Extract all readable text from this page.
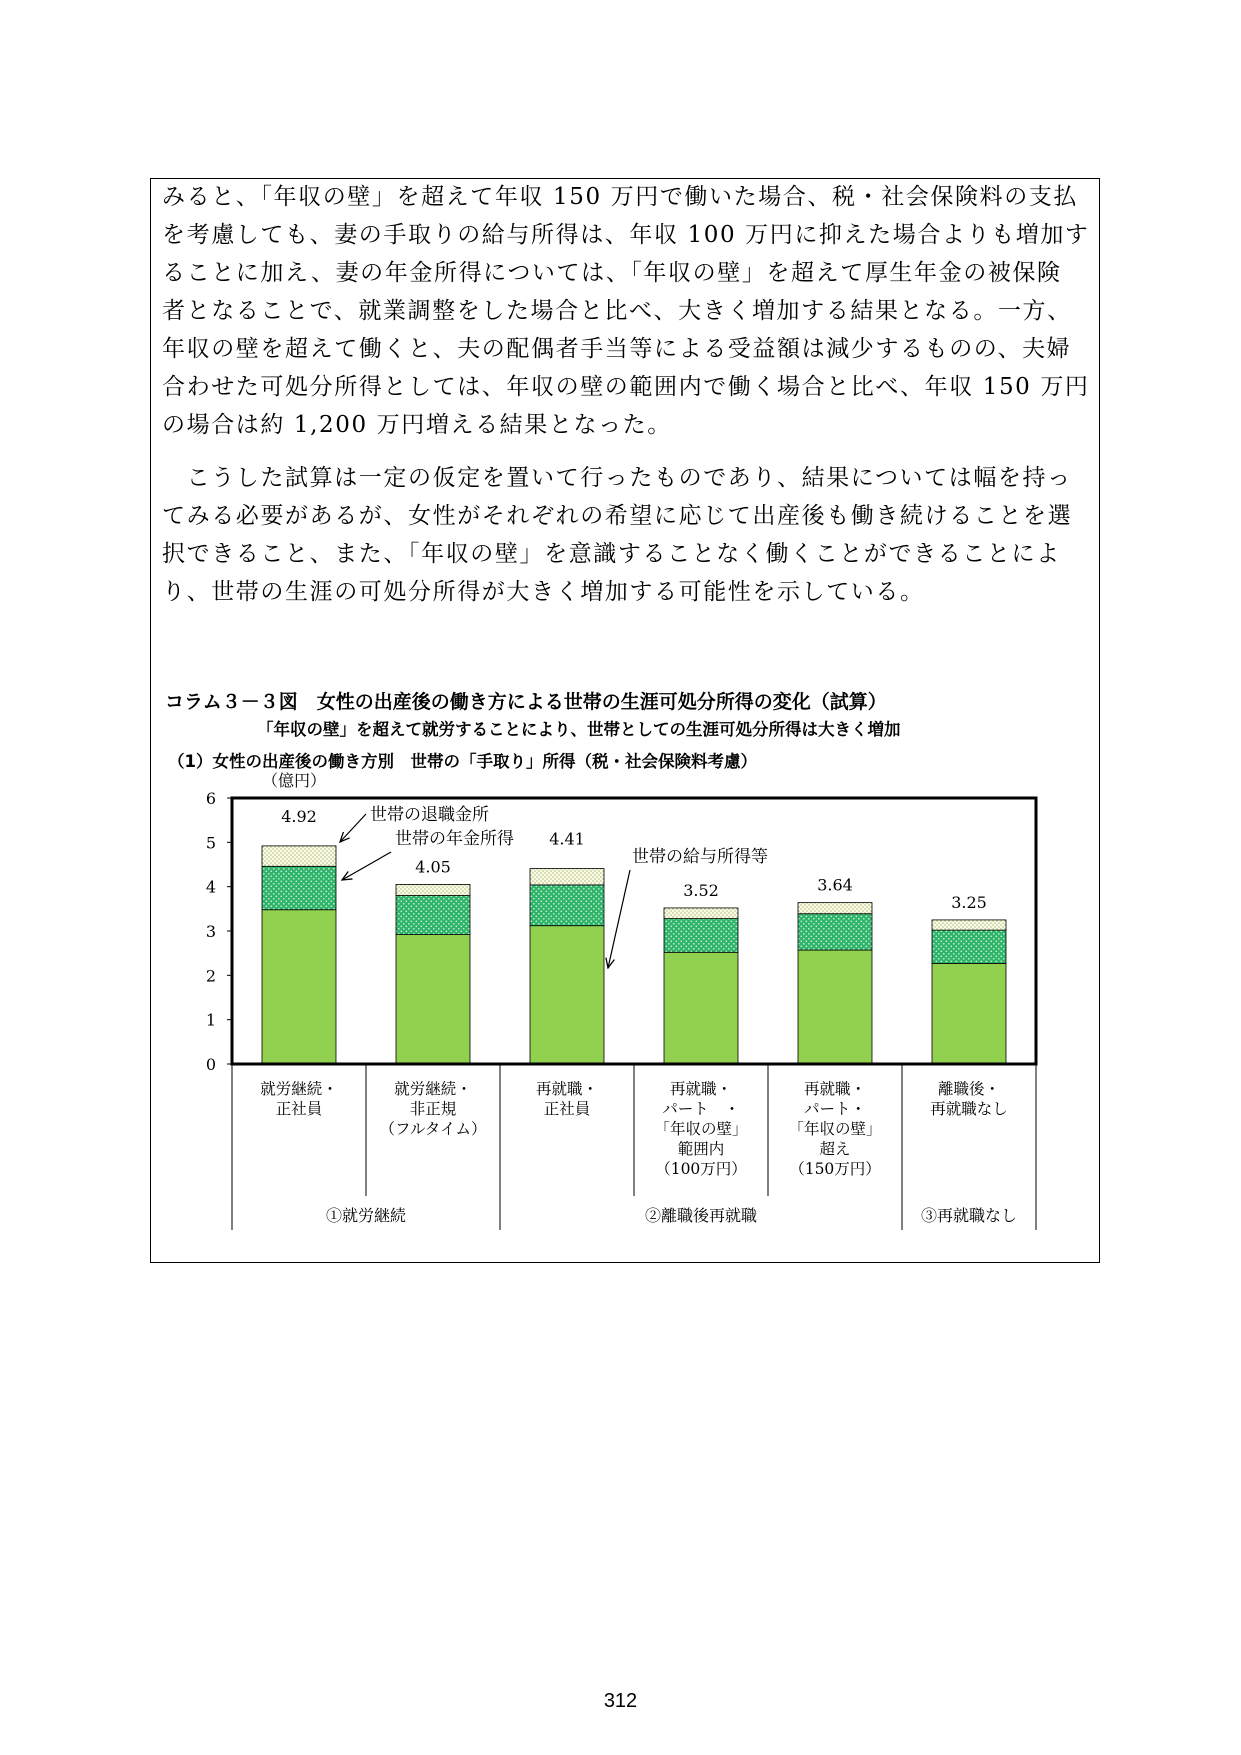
みると、「年収の壁」を超えて年収 150 万円で働いた場合、税・社会保険料の支払

を考慮しても、妻の手取りの給与所得は、年収 100 万円に抑えた場合よりも増加す

ることに加え、妻の年金所得については、「年収の壁」を超えて厚生年金の被保険

者となることで、就業調整をした場合と比べ、大きく増加する結果となる。一方、

年収の壁を超えて働くと、夫の配偶者手当等による受益額は減少するものの、夫婦

合わせた可処分所得としては、年収の壁の範囲内で働く場合と比べ、年収 150 万円

の場合は約 1,200 万円増える結果となった。

　こうした試算は一定の仮定を置いて行ったものであり、結果については幅を持っ

てみる必要があるが、女性がそれぞれの希望に応じて出産後も働き続けることを選

択できること、また、「年収の壁」を意識することなく働くことができることによ

り、世帯の生涯の可処分所得が大きく増加する可能性を示している。

コラム３－３図　女性の出産後の働き方による世帯の生涯可処分所得の変化（試算）
「年収の壁」を超えて就労することにより、世帯としての生涯可処分所得は大きく増加
（1）女性の出産後の働き方別　世帯の「手取り」所得（税・社会保険料考慮）
（億円）
0
1
2
3
4
5
6
4.92
4.05
4.41
3.52	3.64
3.25
就労継続・
正社員
就労継続・
非正規
（フルタイム）
再就職・
正社員
再就職・
パート　・
「年収の壁」
範囲内
（100万円）
再就職・
パート・
「年収の壁」
超え
（150万円）
離職後・
再就職なし
①就労継続	②離職後再就職	③再就職なし
世帯の退職金所
世帯の年金所得
世帯の給与所得等
312
